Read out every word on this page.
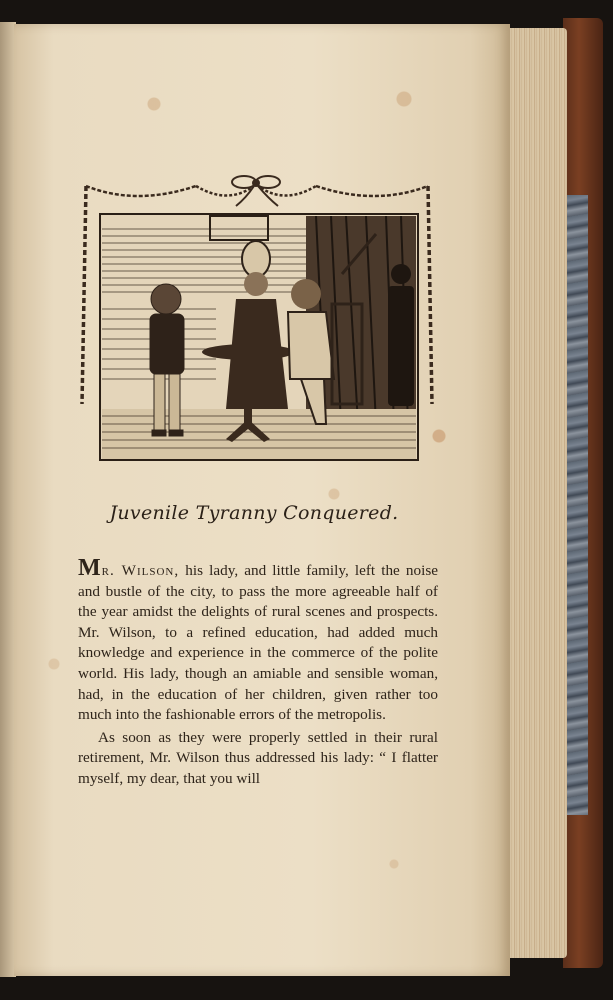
Juvenile Tyranny Conquered.

Mr. Wilson, his lady, and little family, left the noise and bustle of the city, to pass the more agreeable half of the year amidst the delights of rural scenes and prospects. Mr. Wilson, to a refined education, had added much knowledge and experience in the commerce of the polite world. His lady, though an amiable and sensible woman, had, in the education of her children, given rather too much into the fashionable errors of the metropolis.

As soon as they were properly settled in their rural retirement, Mr. Wilson thus addressed his lady: “ I flatter myself, my dear, that you will
